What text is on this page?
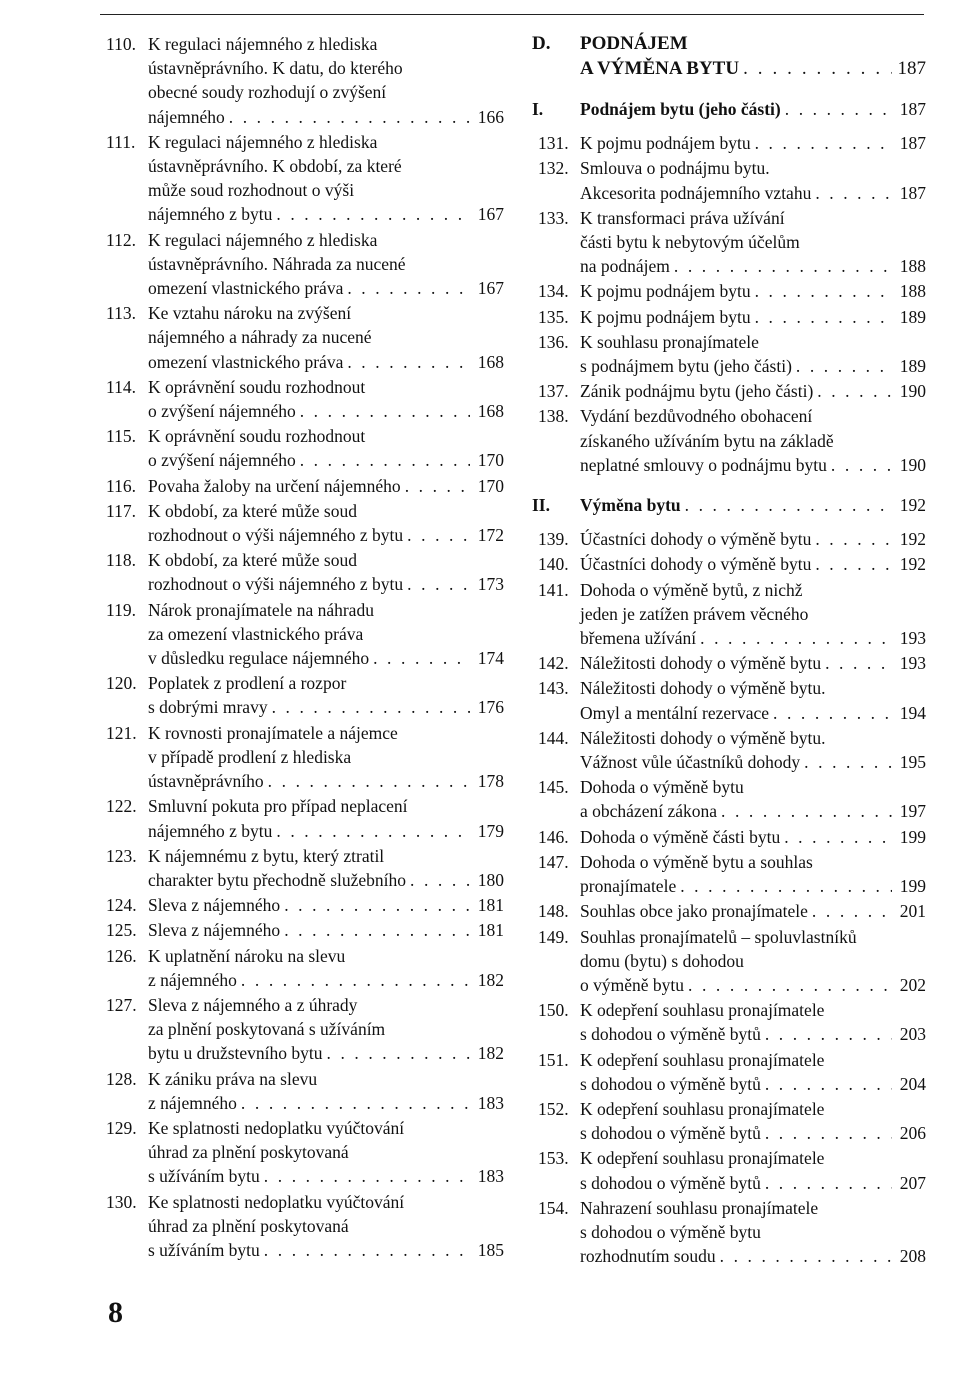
110. K regulaci nájemného z hlediska
ústavněprávního. K datu, do kterého
obecné soudy rozhodují o zvýšení
nájemného . . .	166
111. K regulaci nájemného z hlediska
ústavněprávního. K období, za které
může soud rozhodnout o výši
nájemného z bytu . . .	167
112. K regulaci nájemného z hlediska
ústavněprávního. Náhrada za nucené
omezení vlastnického práva . . .	167
113. Ke vztahu nároku na zvýšení
nájemného a náhrady za nucené
omezení vlastnického práva . . .	168
114. K oprávnění soudu rozhodnout
o zvýšení nájemného . . .	168
115. K oprávnění soudu rozhodnout
o zvýšení nájemného . . .	170
116. Povaha žaloby na určení nájemného . . .	170
117. K období, za které může soud
rozhodnout o výši nájemného z bytu . . .	172
118. K období, za které může soud
rozhodnout o výši nájemného z bytu . . .	173
119. Nárok pronajímatele na náhradu
za omezení vlastnického práva
v důsledku regulace nájemného . . .	174
120. Poplatek z prodlení a rozpor
s dobrými mravy . . .	176
121. K rovnosti pronajímatele a nájemce
v případě prodlení z hlediska
ústavněprávního . . .	178
122. Smluvní pokuta pro případ neplacení
nájemného z bytu . . .	179
123. K nájemnému z bytu, který ztratil
charakter bytu přechodně služebního . . .	180
124. Sleva z nájemného . . .	181
125. Sleva z nájemného . . .	181
126. K uplatnění nároku na slevu
z nájemného . . .	182
127. Sleva z nájemného a z úhrady
za plnění poskytovaná s užíváním
bytu u družstevního bytu . . .	182
128. K zániku práva na slevu
z nájemného . . .	183
129. Ke splatnosti nedoplatku vyúčtování
úhrad za plnění poskytovaná
s užíváním bytu . . .	183
130. Ke splatnosti nedoplatku vyúčtování
úhrad za plnění poskytovaná
s užíváním bytu . . .	185
D. PODNÁJEM
A VÝMĚNA BYTU . . .	187
I. Podnájem bytu (jeho části) . . .	187
131. K pojmu podnájem bytu . . .	187
132. Smlouva o podnájmu bytu.
Akcesorita podnájemního vztahu . . .	187
133. K transformaci práva užívání
části bytu k nebytovým účelům
na podnájem . . .	188
134. K pojmu podnájem bytu . . .	188
135. K pojmu podnájem bytu . . .	189
136. K souhlasu pronajímatele
s podnájmem bytu (jeho části) . . .	189
137. Zánik podnájmu bytu (jeho části) . . .	190
138. Vydání bezdůvodného obohacení
získaného užíváním bytu na základě
neplatné smlouvy o podnájmu bytu . . .	190
II. Výměna bytu . . .	192
139. Účastníci dohody o výměně bytu . . .	192
140. Účastníci dohody o výměně bytu . . .	192
141. Dohoda o výměně bytů, z nichž
jeden je zatížen právem věcného
břemena užívání . . .	193
142. Náležitosti dohody o výměně bytu . . .	193
143. Náležitosti dohody o výměně bytu.
Omyl a mentální rezervace . . .	194
144. Náležitosti dohody o výměně bytu.
Vážnost vůle účastníků dohody . . .	195
145. Dohoda o výměně bytu
a obcházení zákona . . .	197
146. Dohoda o výměně části bytu . . .	199
147. Dohoda o výměně bytu a souhlas
pronajímatele . . .	199
148. Souhlas obce jako pronajímatele . . .	201
149. Souhlas pronajímatelů – spoluvlastníků
domu (bytu) s dohodou
o výměně bytu . . .	202
150. K odepření souhlasu pronajímatele
s dohodou o výměně bytů . . .	203
151. K odepření souhlasu pronajímatele
s dohodou o výměně bytů . . .	204
152. K odepření souhlasu pronajímatele
s dohodou o výměně bytů . . .	206
153. K odepření souhlasu pronajímatele
s dohodou o výměně bytů . . .	207
154. Nahrazení souhlasu pronajímatele
s dohodou o výměně bytu
rozhodnutím soudu . . .	208
8
